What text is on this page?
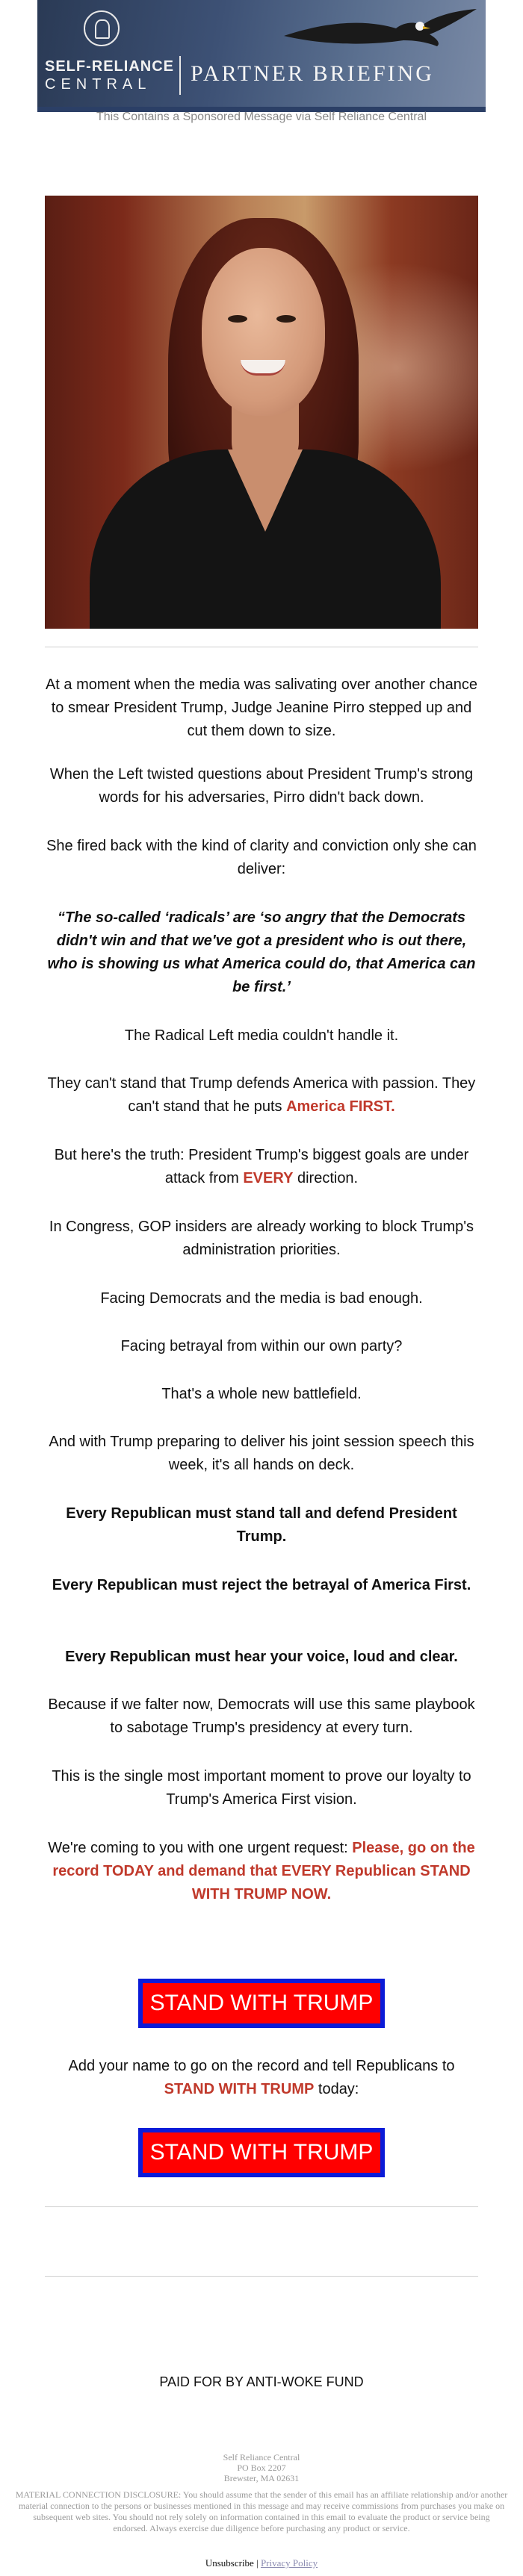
SELF-RELIANCE
CENTRAL PARTNER BRIEFING
This Contains a Sponsored Message via Self Reliance Central

At a moment when the media was salivating over another chance to smear President Trump, Judge Jeanine Pirro stepped up and cut them down to size.

When the Left twisted questions about President Trump's strong words for his adversaries, Pirro didn't back down.

She fired back with the kind of clarity and conviction only she can deliver:

“The so-called ‘radicals’ are ‘so angry that the Democrats didn't win and that we've got a president who is out there, who is showing us what America could do, that America can be first.’

The Radical Left media couldn't handle it.

They can't stand that Trump defends America with passion. They can't stand that he puts America FIRST.

But here's the truth: President Trump's biggest goals are under attack from EVERY direction.

In Congress, GOP insiders are already working to block Trump's administration priorities.

Facing Democrats and the media is bad enough.

Facing betrayal from within our own party?

That's a whole new battlefield.

And with Trump preparing to deliver his joint session speech this week, it's all hands on deck.

Every Republican must stand tall and defend President Trump.

Every Republican must reject the betrayal of America First.

Every Republican must hear your voice, loud and clear.

Because if we falter now, Democrats will use this same playbook to sabotage Trump's presidency at every turn.

This is the single most important moment to prove our loyalty to Trump's America First vision.

We're coming to you with one urgent request: Please, go on the record TODAY and demand that EVERY Republican STAND WITH TRUMP NOW.

STAND WITH TRUMP

Add your name to go on the record and tell Republicans to STAND WITH TRUMP today:

STAND WITH TRUMP
PAID FOR BY ANTI-WOKE FUND
Self Reliance Central
PO Box 2207
Brewster, MA 02631
MATERIAL CONNECTION DISCLOSURE: You should assume that the sender of this email has an affiliate relationship and/or another material connection to the persons or businesses mentioned in this message and may receive commissions from purchases you make on subsequent web sites. You should not rely solely on information contained in this email to evaluate the product or service being endorsed. Always exercise due diligence before purchasing any product or service.
Unsubscribe | Privacy Policy
